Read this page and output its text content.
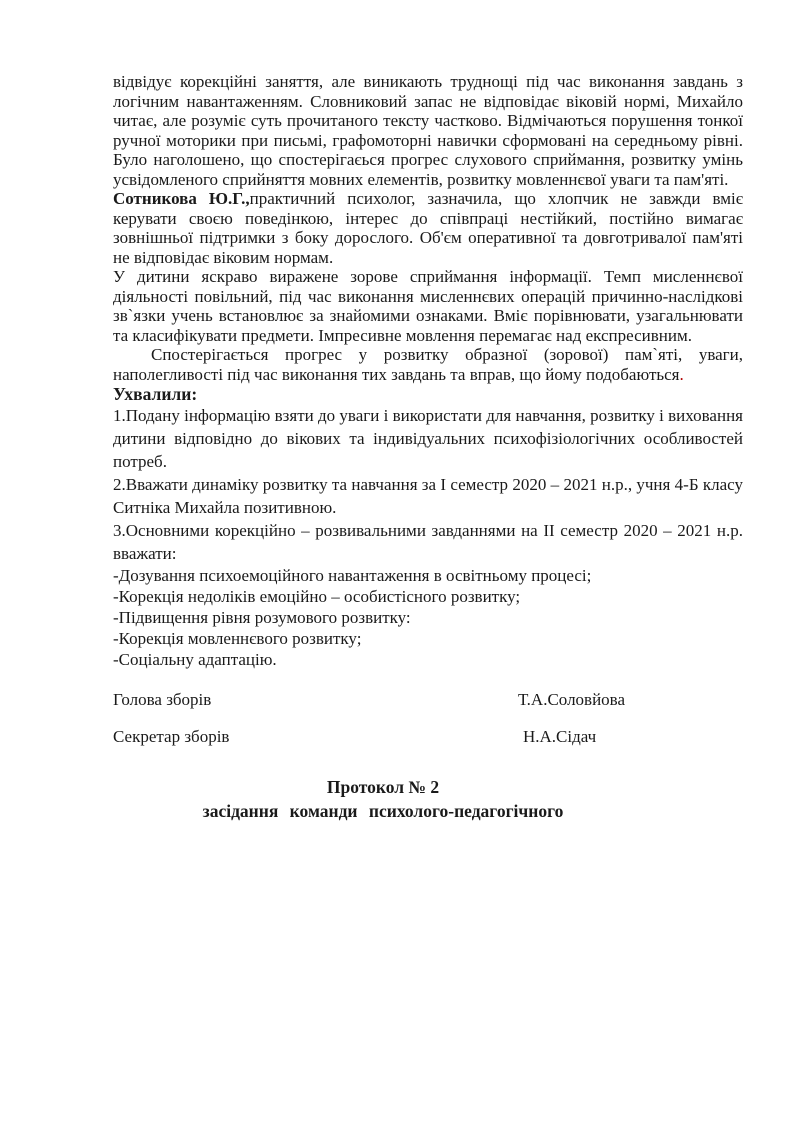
відвідує корекційні заняття, але виникають труднощі під час виконання завдань з логічним навантаженням. Словниковий запас не відповідає віковій нормі, Михайло читає, але розуміє суть прочитаного тексту частково. Відмічаються порушення тонкої ручної моторики при письмі, графомоторні навички сформовані на середньому рівні. Було наголошено, що спостерігаєься прогрес слухового сприймання, розвитку умінь усвідомленого сприйняття мовних елементів, розвитку мовленнєвої уваги та пам'яті.

Сотникова Ю.Г.,практичний психолог, зазначила, що хлопчик не завжди вміє керувати своєю поведінкою, інтерес до співпраці нестійкий, постійно вимагає зовнішньої підтримки з боку дорослого. Об'єм оперативної та довготривалої пам'яті не відповідає віковим нормам.

У дитини яскраво виражене зорове сприймання інформації. Темп мисленнєвої діяльності повільний, під час виконання мисленнєвих операцій причинно-наслідкові зв`язки учень встановлює за знайомими ознаками. Вміє порівнювати, узагальнювати та класифікувати предмети. Імпресивне мовлення перемагає над експресивним.

Спостерігається прогрес у розвитку образної (зорової) пам`яті, уваги, наполегливості під час виконання тих завдань та вправ, що йому подобаються.

Ухвалили:

1.Подану інформацію взяти до уваги і використати для навчання, розвитку і виховання дитини відповідно до вікових та індивідуальних психофізіологічних особливостей потреб.

2.Вважати динаміку розвитку та навчання за І семестр 2020 – 2021 н.р., учня 4-Б класу Ситніка Михайла позитивною.

3.Основними корекційно – розвивальними завданнями на ІІ семестр 2020 – 2021 н.р. вважати:

-Дозування психоемоційного навантаження в освітньому процесі;
-Корекція недоліків емоційно – особистісного розвитку;
-Підвищення рівня розумового розвитку:
-Корекція мовленнєвого розвитку;
-Соціальну адаптацію.
Голова зборів	Т.А.Соловйова
Секретар зборів	Н.А.Сідач
Протокол № 2
засідання команди психолого-педагогічного
